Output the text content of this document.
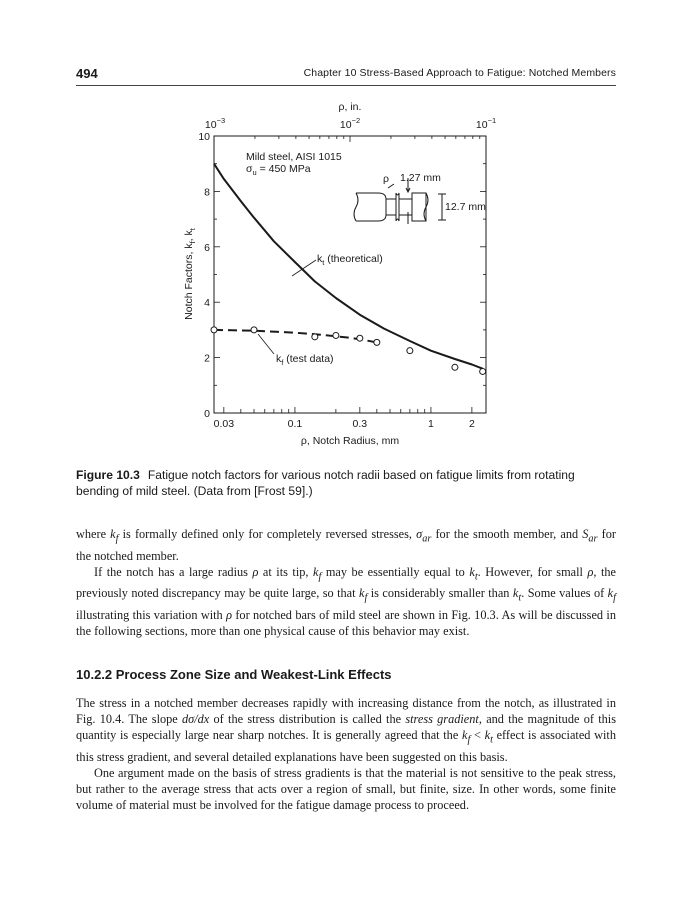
494	Chapter 10 Stress-Based Approach to Fatigue: Notched Members
ρ, in.
$10^{-3}$	$10^{-2}$	$10^{-1}$
0
2
4
6
8
10
0.03	0.1	0.3	1	2
Notch Factors, $k_f$, $k_t$
ρ, Notch Radius, mm
Mild steel, AISI 1015
$\sigma_u = 450$ MPa
$k_t$ (theoretical)
$k_f$ (test data)
ρ 1.27 mm
12.7 mm
Figure 10.3 Fatigue notch factors for various notch radii based on fatigue limits from rotating bending of mild steel. (Data from [Frost 59].)

where $k_f$ is formally defined only for completely reversed stresses, $\sigma_{ar}$ for the smooth member, and $S_{ar}$ for the notched member.

If the notch has a large radius ρ at its tip, $k_f$ may be essentially equal to $k_t$. However, for small ρ, the previously noted discrepancy may be quite large, so that $k_f$ is considerably smaller than $k_t$. Some values of $k_f$ illustrating this variation with ρ for notched bars of mild steel are shown in Fig. 10.3. As will be discussed in the following sections, more than one physical cause of this behavior may exist.

10.2.2 Process Zone Size and Weakest-Link Effects

The stress in a notched member decreases rapidly with increasing distance from the notch, as illustrated in Fig. 10.4. The slope dσ/dx of the stress distribution is called the stress gradient, and the magnitude of this quantity is especially large near sharp notches. It is generally agreed that the $k_f < k_t$ effect is associated with this stress gradient, and several detailed explanations have been suggested on this basis.

One argument made on the basis of stress gradients is that the material is not sensitive to the peak stress, but rather to the average stress that acts over a region of small, but finite, size. In other words, some finite volume of material must be involved for the fatigue damage process to proceed.
